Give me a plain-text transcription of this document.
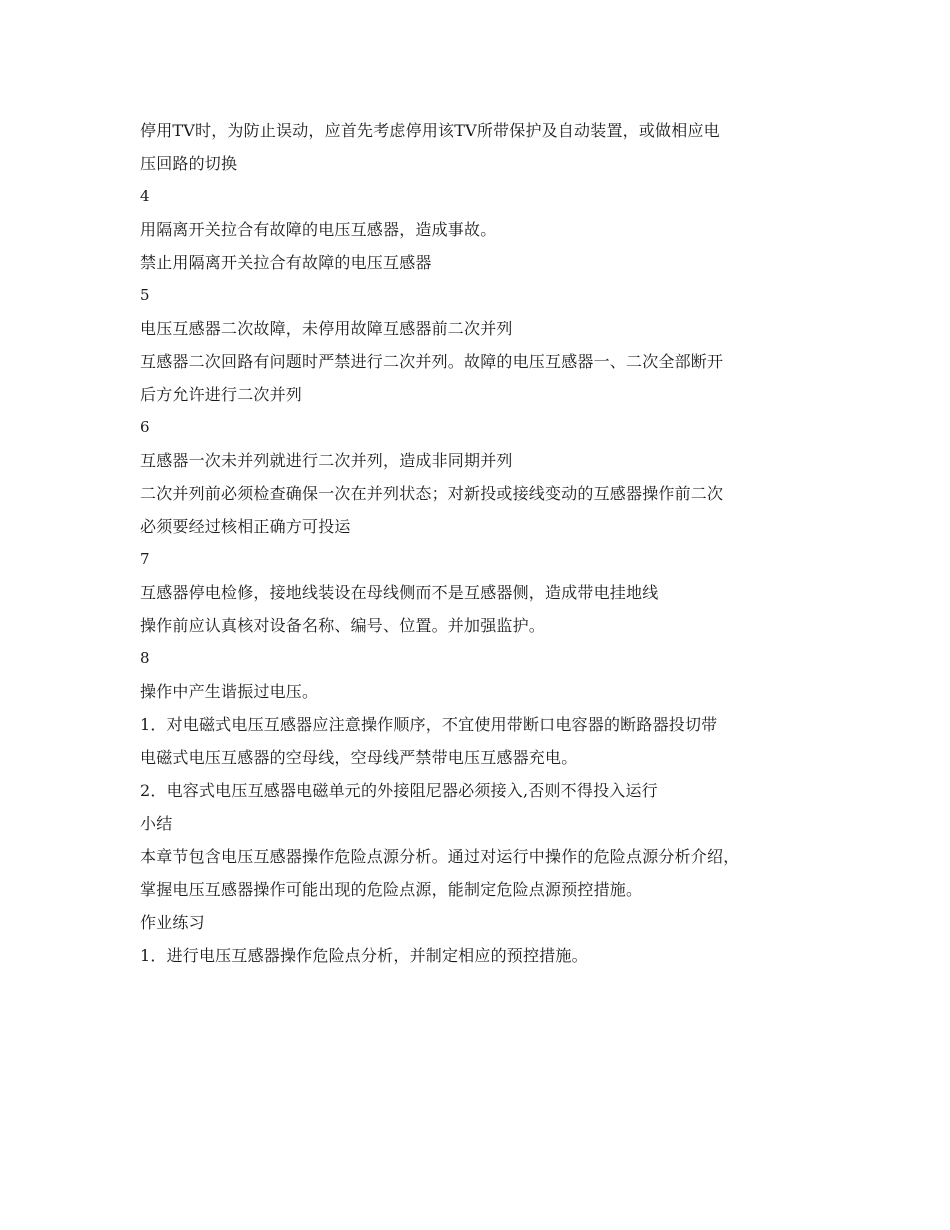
停用TV时，为防止误动，应首先考虑停用该TV所带保护及自动装置，或做相应电
压回路的切换
4
用隔离开关拉合有故障的电压互感器，造成事故。
禁止用隔离开关拉合有故障的电压互感器
5
电压互感器二次故障，未停用故障互感器前二次并列
互感器二次回路有问题时严禁进行二次并列。故障的电压互感器一、二次全部断开
后方允许进行二次并列
6
互感器一次未并列就进行二次并列，造成非同期并列
二次并列前必须检查确保一次在并列状态；对新投或接线变动的互感器操作前二次
必须要经过核相正确方可投运
7
互感器停电检修，接地线装设在母线侧而不是互感器侧，造成带电挂地线
操作前应认真核对设备名称、编号、位置。并加强监护。
8
操作中产生谐振过电压。
1．对电磁式电压互感器应注意操作顺序，不宜使用带断口电容器的断路器投切带
电磁式电压互感器的空母线，空母线严禁带电压互感器充电。
2．电容式电压互感器电磁单元的外接阻尼器必须接入,否则不得投入运行
小结
本章节包含电压互感器操作危险点源分析。通过对运行中操作的危险点源分析介绍，
掌握电压互感器操作可能出现的危险点源，能制定危险点源预控措施。
作业练习
1．进行电压互感器操作危险点分析，并制定相应的预控措施。
